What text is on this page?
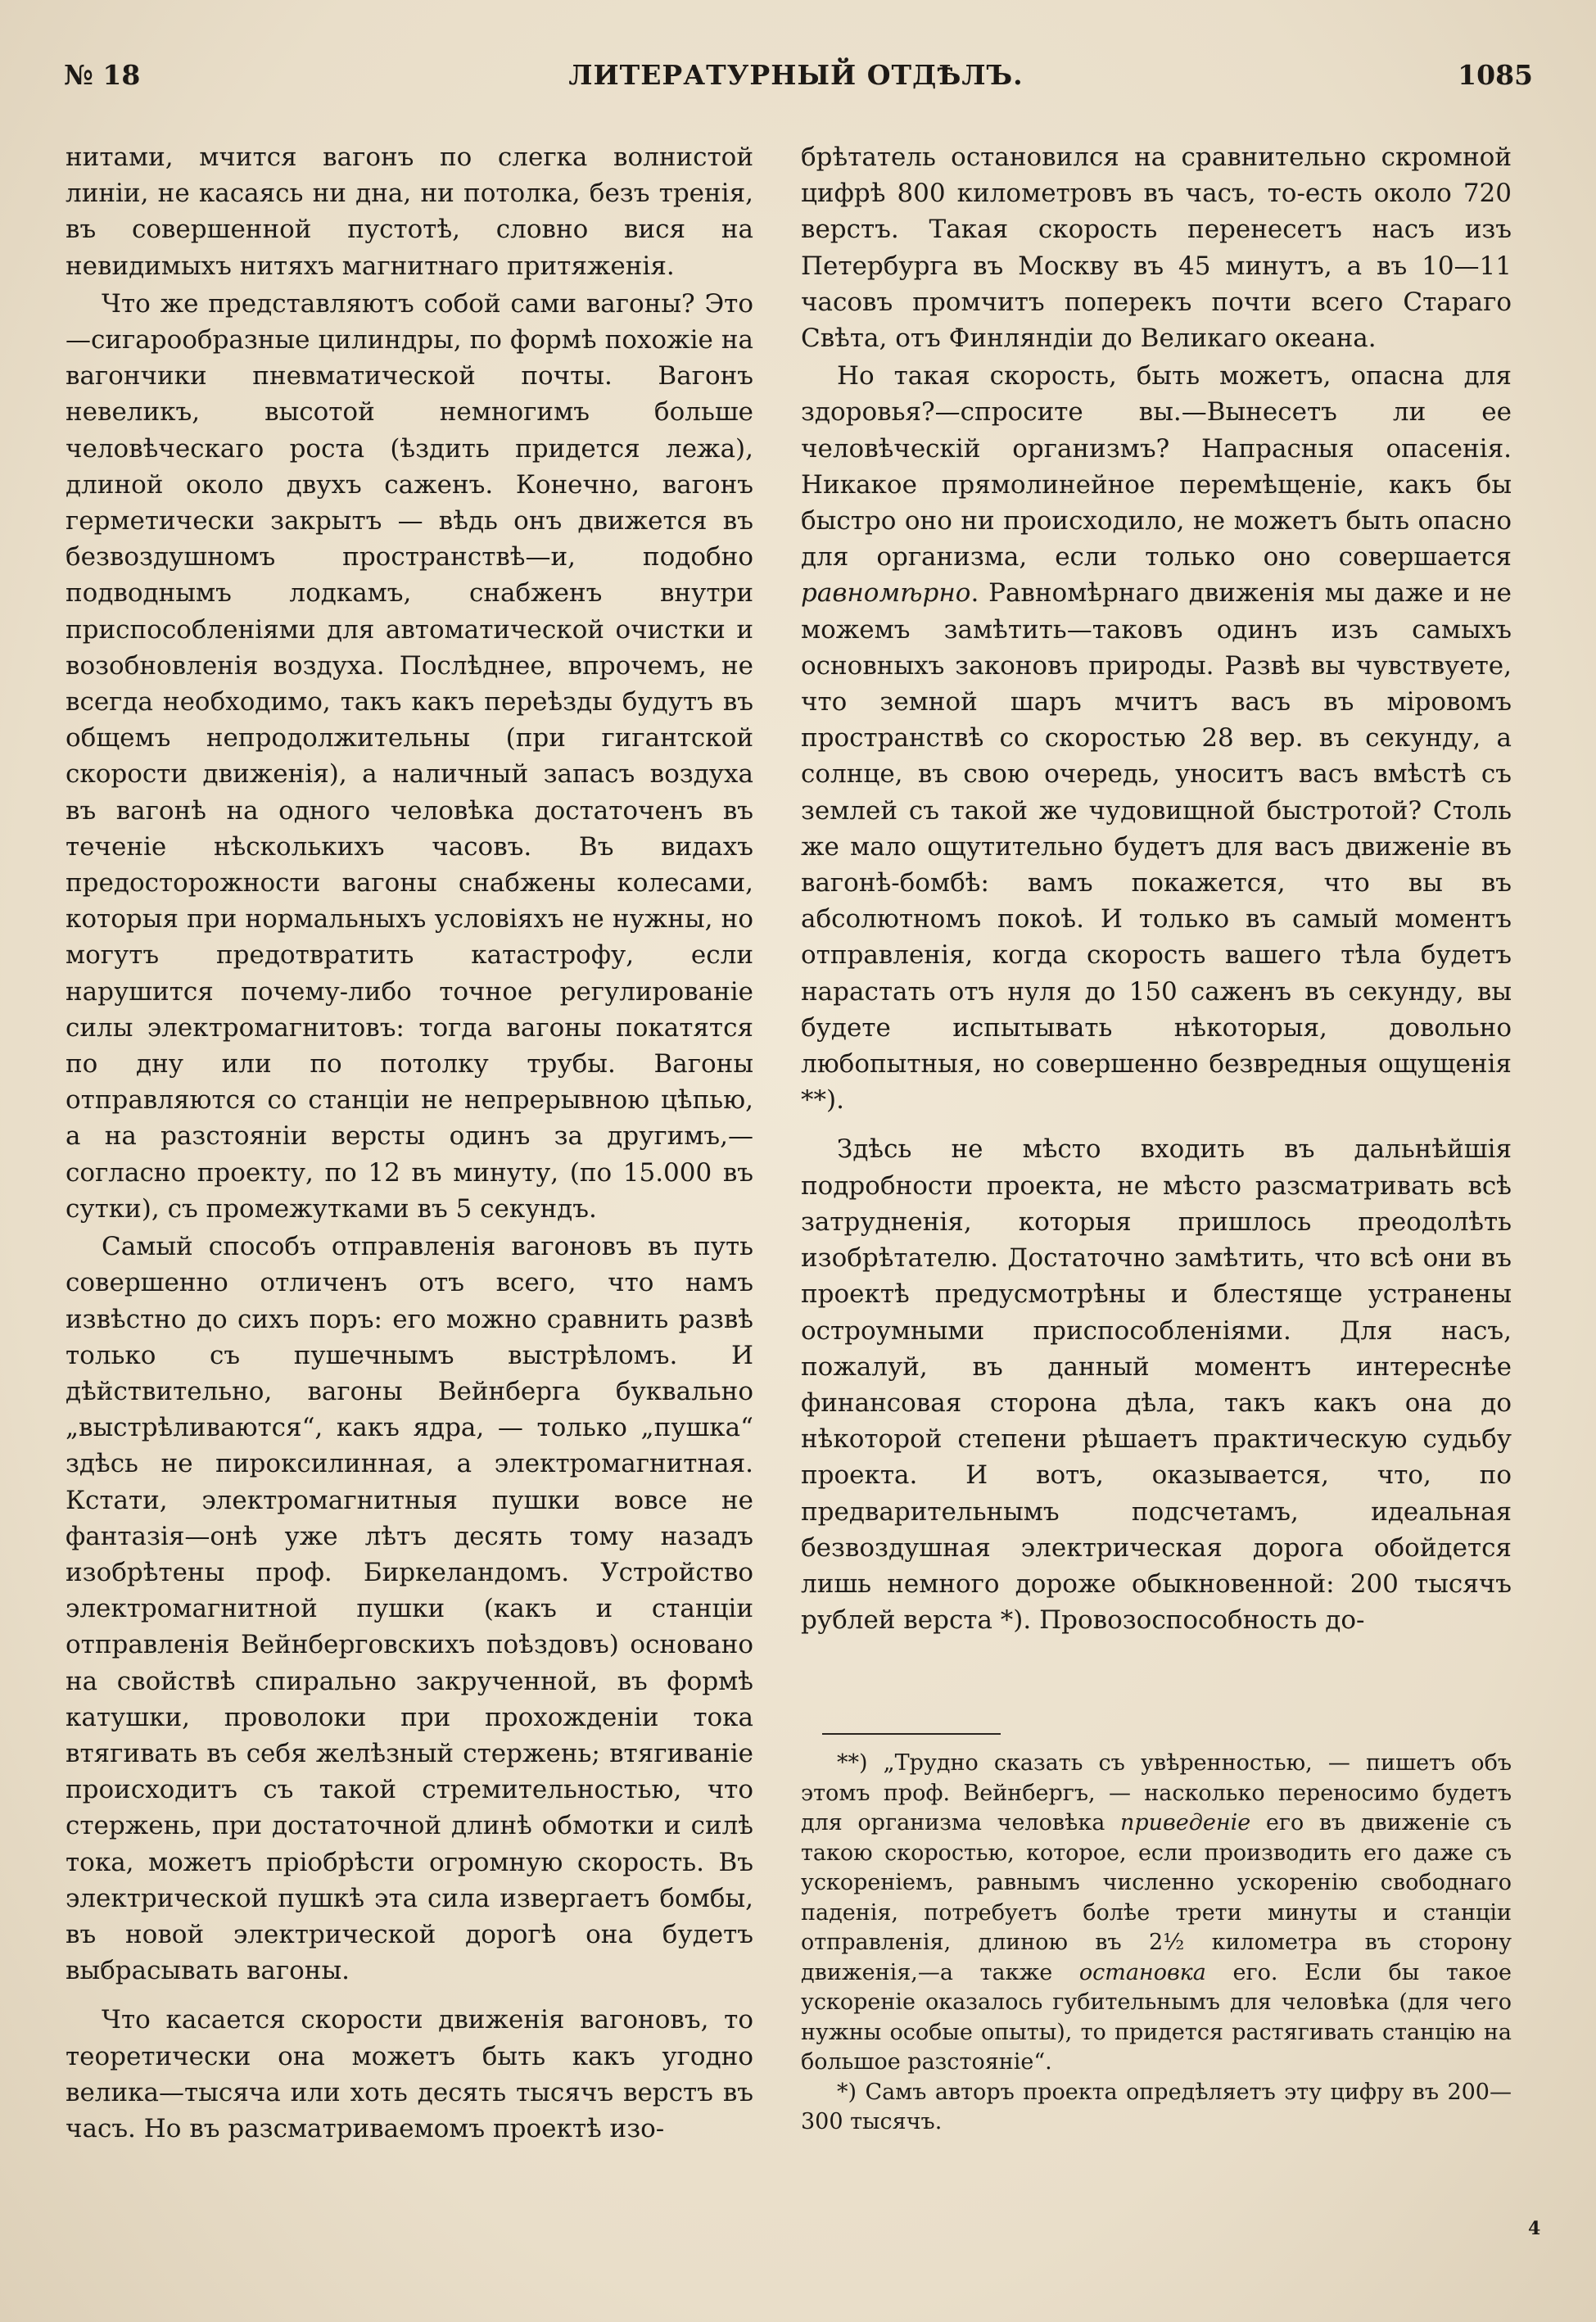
№ 18	ЛИТЕРАТУРНЫЙ ОТДѢЛЪ.	1085

нитами, мчится вагонъ по слегка волнистой линіи, не касаясь ни дна, ни потолка, безъ тренія, въ совершенной пустотѣ, словно вися на невидимыхъ нитяхъ магнитнаго притяженія.

Что же представляютъ собой сами вагоны? Это—сигарообразные цилиндры, по формѣ похожіе на вагончики пневматической почты. Вагонъ невеликъ, высотой немногимъ больше человѣческаго роста (ѣздить придется лежа), длиной около двухъ саженъ. Конечно, вагонъ герметически закрытъ — вѣдь онъ движется въ безвоздушномъ пространствѣ—и, подобно подводнымъ лодкамъ, снабженъ внутри приспособленіями для автоматической очистки и возобновленія воздуха. Послѣднее, впрочемъ, не всегда необходимо, такъ какъ переѣзды будутъ въ общемъ непродолжительны (при гигантской скорости движенія), а наличный запасъ воздуха въ вагонѣ на одного человѣка достаточенъ въ теченіе нѣсколькихъ часовъ. Въ видахъ предосторожности вагоны снабжены колесами, которыя при нормальныхъ условіяхъ не нужны, но могутъ предотвратить катастрофу, если нарушится почему-либо точное регулированіе силы электромагнитовъ: тогда вагоны покатятся по дну или по потолку трубы. Вагоны отправляются со станціи не непрерывною цѣпью, а на разстояніи версты одинъ за другимъ,—согласно проекту, по 12 въ минуту, (по 15.000 въ сутки), съ промежутками въ 5 секундъ.

Самый способъ отправленія вагоновъ въ путь совершенно отличенъ отъ всего, что намъ извѣстно до сихъ поръ: его можно сравнить развѣ только съ пушечнымъ выстрѣломъ. И дѣйствительно, вагоны Вейнберга буквально „выстрѣливаются“, какъ ядра, — только „пушка“ здѣсь не пироксилинная, а электромагнитная. Кстати, электромагнитныя пушки вовсе не фантазія—онѣ уже лѣтъ десять тому назадъ изобрѣтены проф. Биркеландомъ. Устройство электромагнитной пушки (какъ и станціи отправленія Вейнберговскихъ поѣздовъ) основано на свойствѣ спирально закрученной, въ формѣ катушки, проволоки при прохожденіи тока втягивать въ себя желѣзный стержень; втягиваніе происходитъ съ такой стремительностью, что стержень, при достаточной длинѣ обмотки и силѣ тока, можетъ пріобрѣсти огромную скорость. Въ электрической пушкѣ эта сила извергаетъ бомбы, въ новой электрической дорогѣ она будетъ выбрасывать вагоны.

Что касается скорости движенія вагоновъ, то теоретически она можетъ быть какъ угодно велика—тысяча или хоть десять тысячъ верстъ въ часъ. Но въ разсматриваемомъ проектѣ изо-

брѣтатель остановился на сравнительно скромной цифрѣ 800 километровъ въ часъ, то-есть около 720 верстъ. Такая скорость перенесетъ насъ изъ Петербурга въ Москву въ 45 минутъ, а въ 10—11 часовъ промчитъ поперекъ почти всего Стараго Свѣта, отъ Финляндіи до Великаго океана.

Но такая скорость, быть можетъ, опасна для здоровья?—спросите вы.—Вынесетъ ли ее человѣческій организмъ? Напрасныя опасенія. Никакое прямолинейное перемѣщеніе, какъ бы быстро оно ни происходило, не можетъ быть опасно для организма, если только оно совершается равномѣрно. Равномѣрнаго движенія мы даже и не можемъ замѣтить—таковъ одинъ изъ самыхъ основныхъ законовъ природы. Развѣ вы чувствуете, что земной шаръ мчитъ васъ въ міровомъ пространствѣ со скоростью 28 вер. въ секунду, а солнце, въ свою очередь, уноситъ васъ вмѣстѣ съ землей съ такой же чудовищной быстротой? Столь же мало ощутительно будетъ для васъ движеніе въ вагонѣ-бомбѣ: вамъ покажется, что вы въ абсолютномъ покоѣ. И только въ самый моментъ отправленія, когда скорость вашего тѣла будетъ нарастать отъ нуля до 150 саженъ въ секунду, вы будете испытывать нѣкоторыя, довольно любопытныя, но совершенно безвредныя ощущенія **).

Здѣсь не мѣсто входить въ дальнѣйшія подробности проекта, не мѣсто разсматривать всѣ затрудненія, которыя пришлось преодолѣть изобрѣтателю. Достаточно замѣтить, что всѣ они въ проектѣ предусмотрѣны и блестяще устранены остроумными приспособленіями. Для насъ, пожалуй, въ данный моментъ интереснѣе финансовая сторона дѣла, такъ какъ она до нѣкоторой степени рѣшаетъ практическую судьбу проекта. И вотъ, оказывается, что, по предварительнымъ подсчетамъ, идеальная безвоздушная электрическая дорога обойдется лишь немного дороже обыкновенной: 200 тысячъ рублей верста *). Провозоспособность до-

**) „Трудно сказать съ увѣренностью, — пишетъ объ этомъ проф. Вейнбергъ, — насколько переносимо будетъ для организма человѣка приведеніе его въ движеніе съ такою скоростью, которое, если производить его даже съ ускореніемъ, равнымъ численно ускоренію свободнаго паденія, потребуетъ болѣе трети минуты и станціи отправленія, длиною въ 2½ километра въ сторону движенія,—а также остановка его. Если бы такое ускореніе оказалось губительнымъ для человѣка (для чего нужны особые опыты), то придется растягивать станцію на большое разстояніе“.

*) Самъ авторъ проекта опредѣляетъ эту цифру въ 200—300 тысячъ.

4
